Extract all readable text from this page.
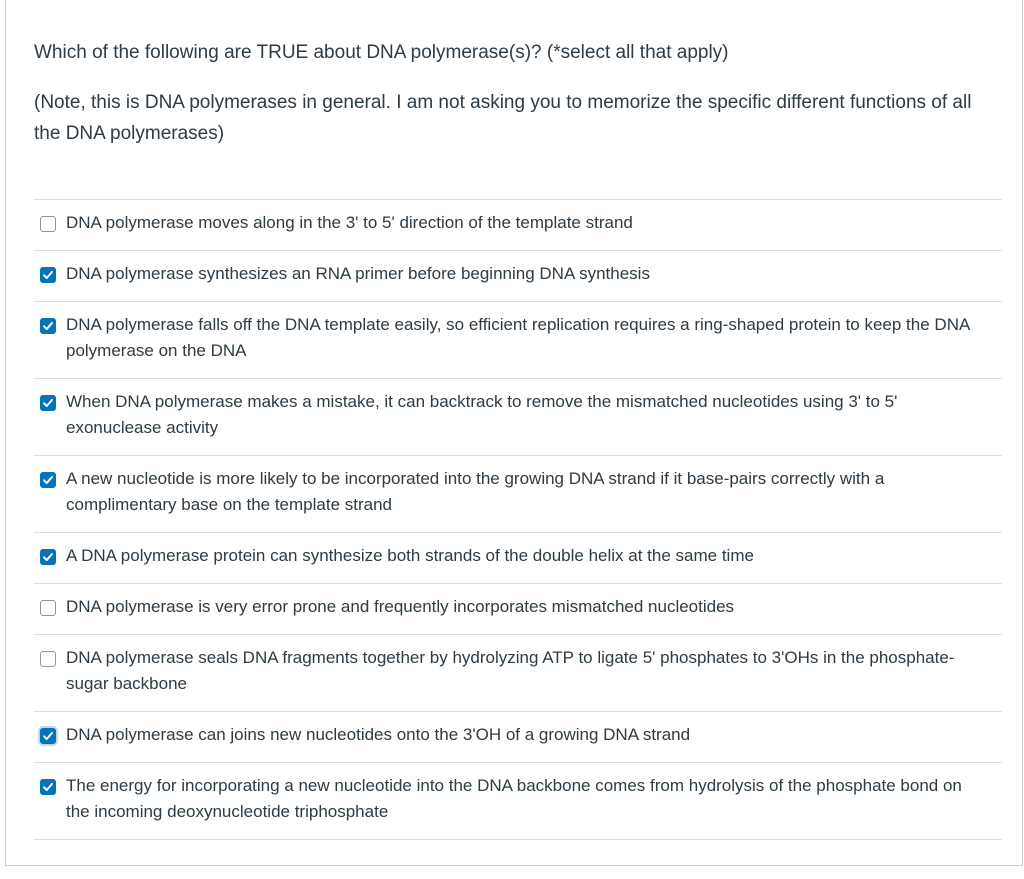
Which of the following are TRUE about DNA polymerase(s)? (*select all that apply)

(Note, this is DNA polymerases in general. I am not asking you to memorize the specific different functions of all the DNA polymerases)

DNA polymerase moves along in the 3' to 5' direction of the template strand
DNA polymerase synthesizes an RNA primer before beginning DNA synthesis
DNA polymerase falls off the DNA template easily, so efficient replication requires a ring-shaped protein to keep the DNA polymerase on the DNA
When DNA polymerase makes a mistake, it can backtrack to remove the mismatched nucleotides using 3' to 5' exonuclease activity
A new nucleotide is more likely to be incorporated into the growing DNA strand if it base-pairs correctly with a complimentary base on the template strand
A DNA polymerase protein can synthesize both strands of the double helix at the same time
DNA polymerase is very error prone and frequently incorporates mismatched nucleotides
DNA polymerase seals DNA fragments together by hydrolyzing ATP to ligate 5' phosphates to 3'OHs in the phosphate-sugar backbone
DNA polymerase can joins new nucleotides onto the 3'OH of a growing DNA strand
The energy for incorporating a new nucleotide into the DNA backbone comes from hydrolysis of the phosphate bond on the incoming deoxynucleotide triphosphate
